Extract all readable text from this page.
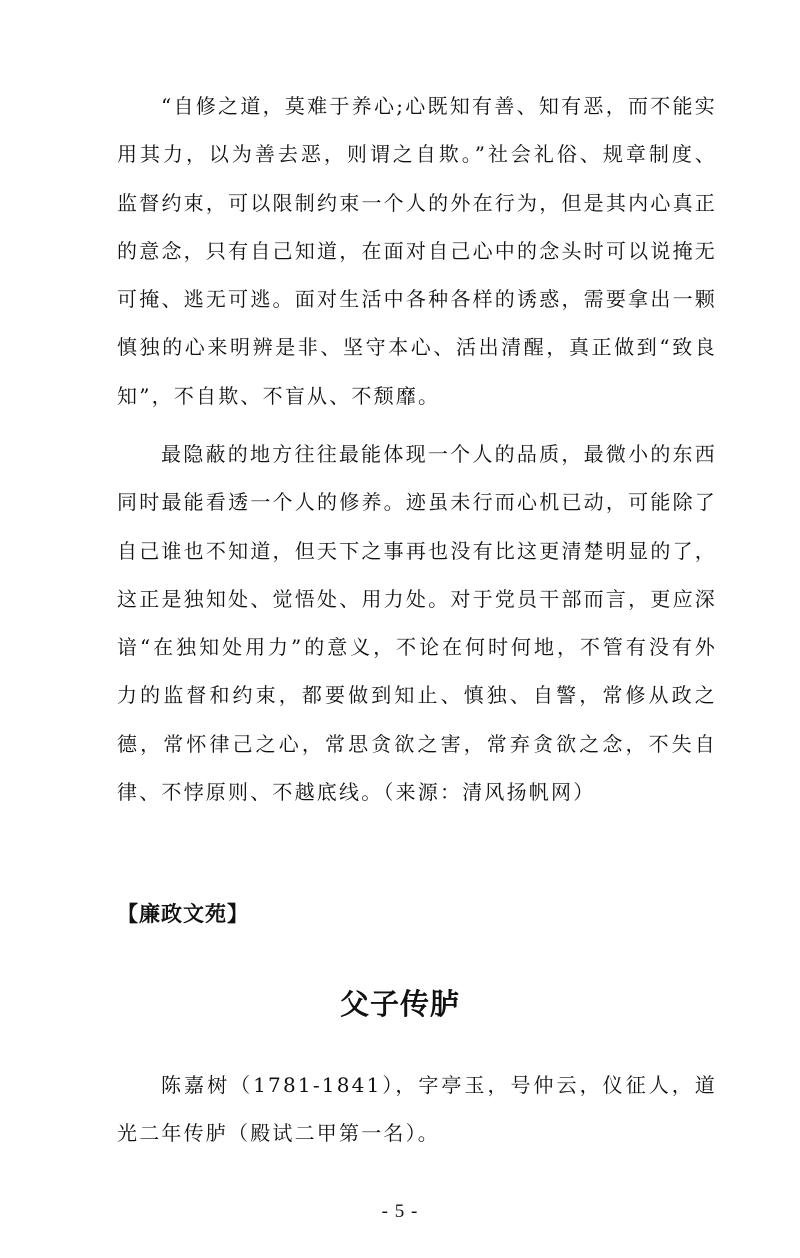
“自修之道，莫难于养心;心既知有善、知有恶，而不能实用其力，以为善去恶，则谓之自欺。”社会礼俗、规章制度、监督约束，可以限制约束一个人的外在行为，但是其内心真正的意念，只有自己知道，在面对自己心中的念头时可以说掩无可掩、逃无可逃。面对生活中各种各样的诱惑，需要拿出一颗慎独的心来明辨是非、坚守本心、活出清醒，真正做到“致良知”，不自欺、不盲从、不颓靡。

最隐蔽的地方往往最能体现一个人的品质，最微小的东西同时最能看透一个人的修养。迹虽未行而心机已动，可能除了自己谁也不知道，但天下之事再也没有比这更清楚明显的了，这正是独知处、觉悟处、用力处。对于党员干部而言，更应深谙“在独知处用力”的意义，不论在何时何地，不管有没有外力的监督和约束，都要做到知止、慎独、自警，常修从政之德，常怀律己之心，常思贪欲之害，常弃贪欲之念，不失自律、不悖原则、不越底线。（来源：清风扬帆网）

【廉政文苑】

父子传胪

陈嘉树（1781-1841），字亭玉，号仲云，仪征人，道光二年传胪（殿试二甲第一名）。

- 5 -
